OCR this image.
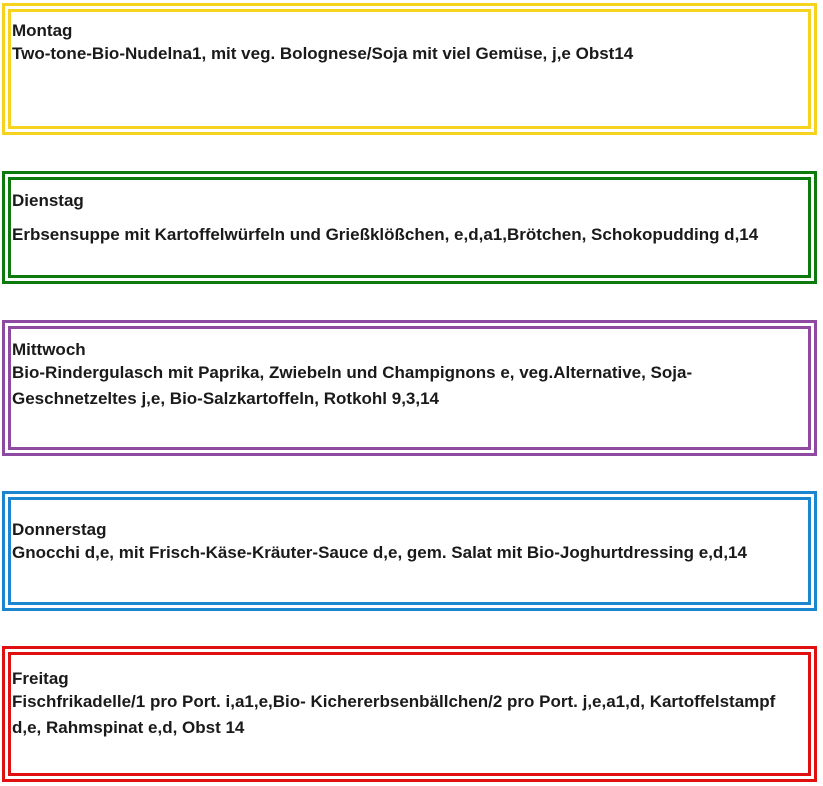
Montag

Two-tone-Bio-Nudelna1, mit veg. Bolognese/Soja mit viel Gemüse, j,e Obst14

Dienstag

Erbsensuppe mit Kartoffelwürfeln und Grießklößchen, e,d,a1,Brötchen, Schokopudding d,14

Mittwoch

Bio-Rindergulasch mit Paprika, Zwiebeln und Champignons e, veg.Alternative, Soja-Geschnetzeltes j,e, Bio-Salzkartoffeln, Rotkohl 9,3,14

Donnerstag

Gnocchi d,e, mit Frisch-Käse-Kräuter-Sauce d,e, gem. Salat mit Bio-Joghurtdressing e,d,14

Freitag

Fischfrikadelle/1 pro Port. i,a1,e,Bio- Kichererbsenbällchen/2 pro Port. j,e,a1,d, Kartoffelstampf d,e, Rahmspinat e,d, Obst 14
